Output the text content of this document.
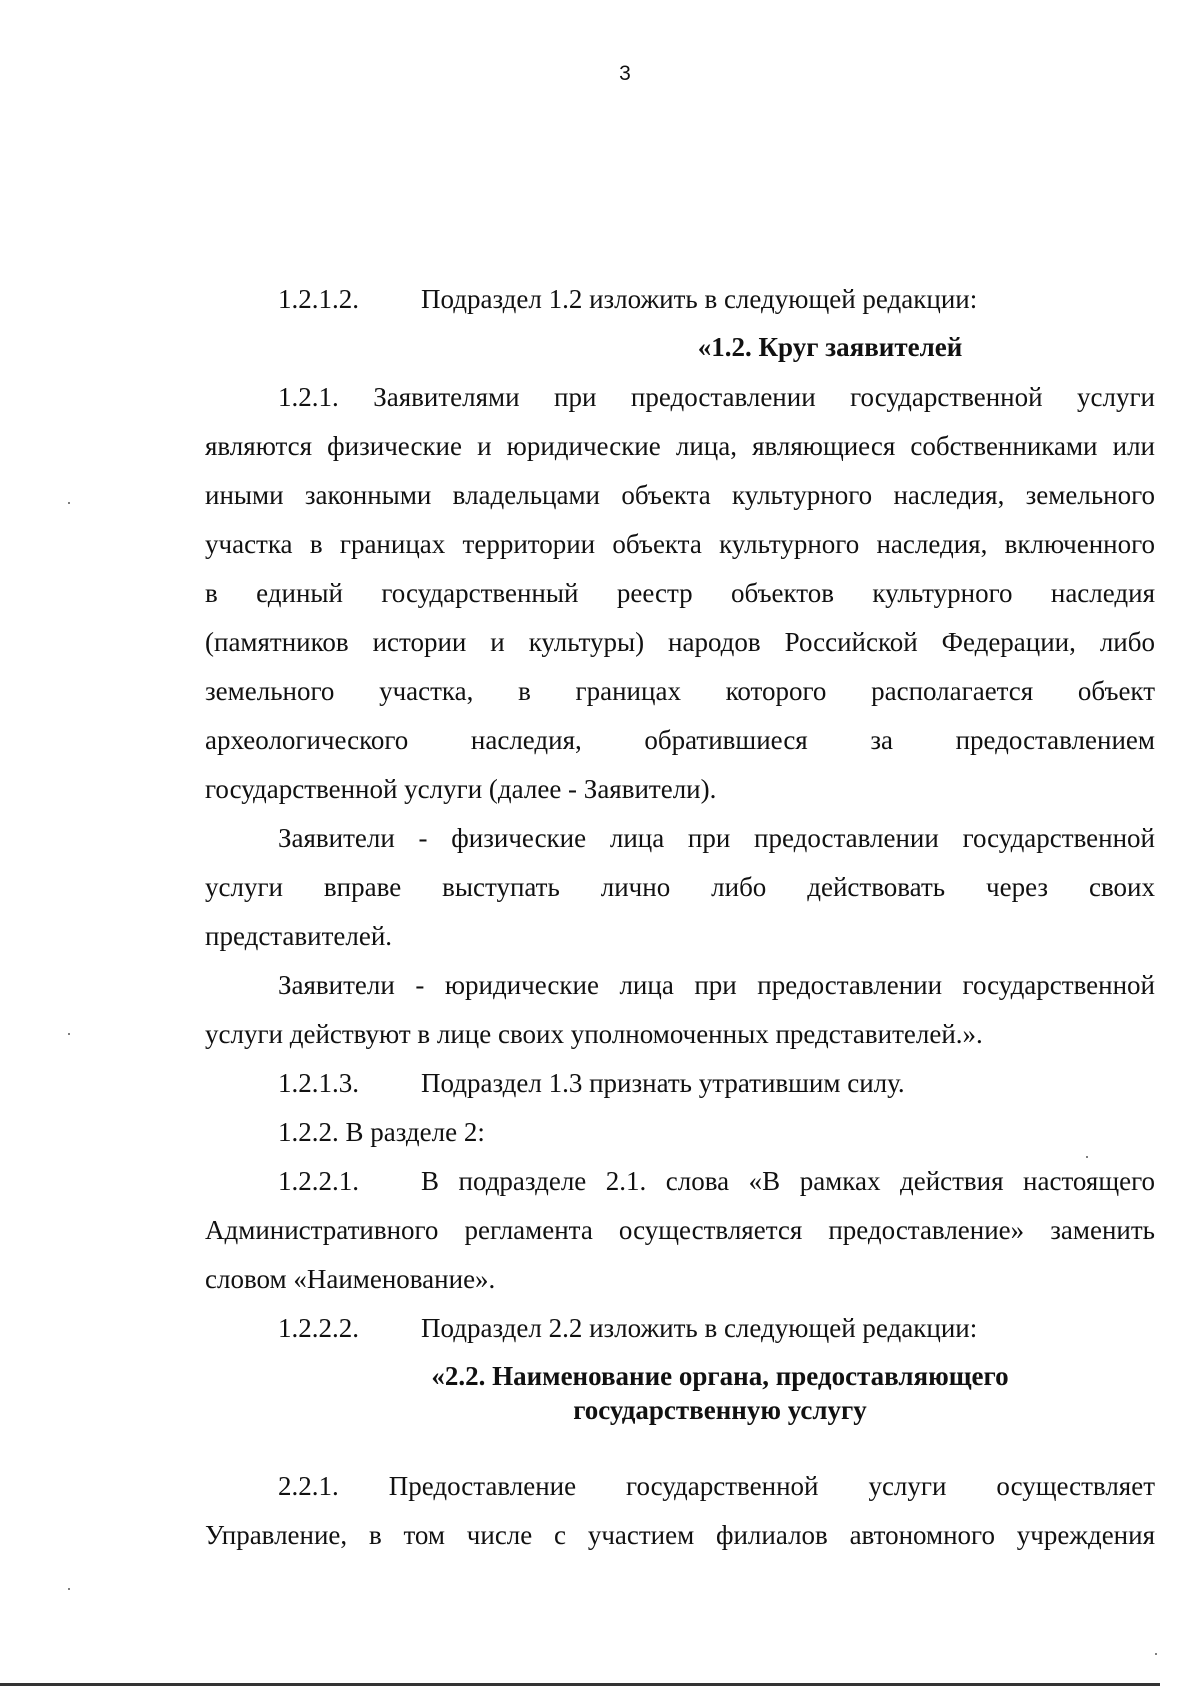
3
1.2.1.2. Подраздел 1.2 изложить в следующей редакции:
«1.2. Круг заявителей
1.2.1. Заявителями при предоставлении государственной услуги
являются физические и юридические лица, являющиеся собственниками или
иными законными владельцами объекта культурного наследия, земельного
участка в границах территории объекта культурного наследия, включенного
в единый государственный реестр объектов культурного наследия
(памятников истории и культуры) народов Российской Федерации, либо
земельного участка, в границах которого располагается объект
археологического наследия, обратившиеся за предоставлением
государственной услуги (далее - Заявители).
Заявители - физические лица при предоставлении государственной
услуги вправе выступать лично либо действовать через своих
представителей.
Заявители - юридические лица при предоставлении государственной
услуги действуют в лице своих уполномоченных представителей.».
1.2.1.3. Подраздел 1.3 признать утратившим силу.
1.2.2. В разделе 2:
1.2.2.1. В подразделе 2.1. слова «В рамках действия настоящего
Административного регламента осуществляется предоставление» заменить
словом «Наименование».
1.2.2.2. Подраздел 2.2 изложить в следующей редакции:
«2.2. Наименование органа, предоставляющего
государственную услугу
2.2.1. Предоставление государственной услуги осуществляет
Управление, в том числе с участием филиалов автономного учреждения
